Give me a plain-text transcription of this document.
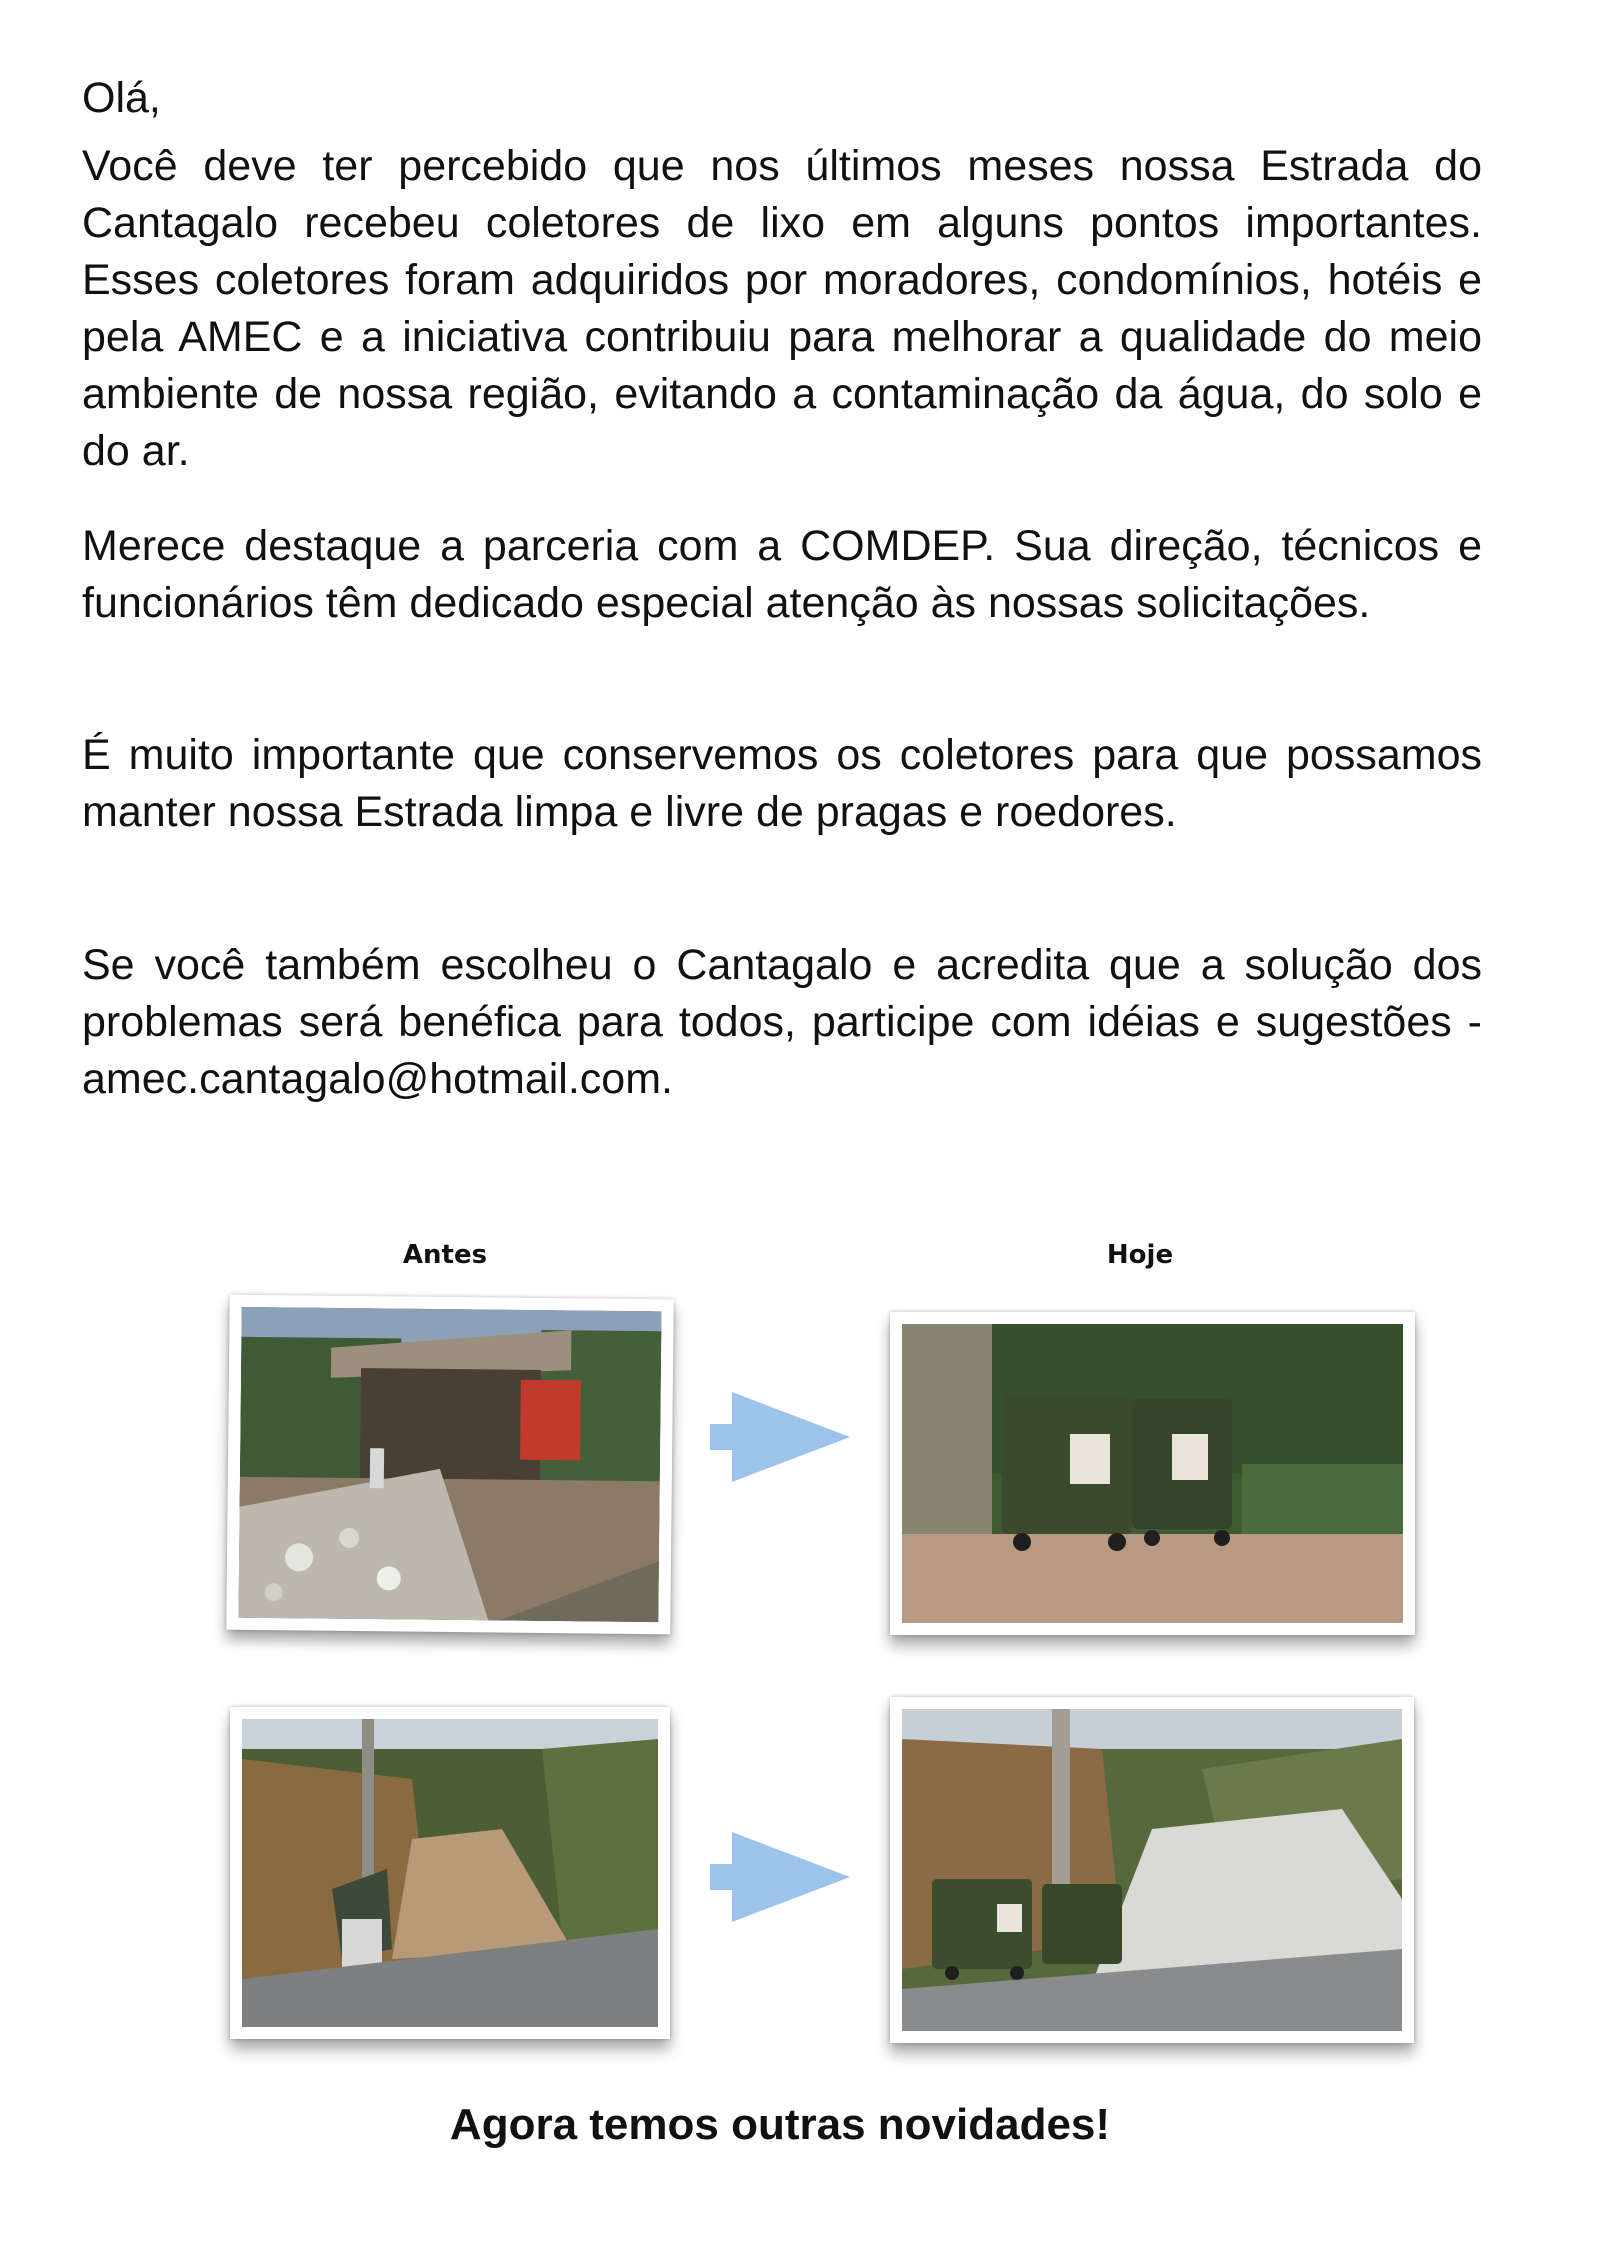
Olá,
Você deve ter percebido que nos últimos meses nossa Estrada do Cantagalo recebeu coletores de lixo em alguns pontos importantes. Esses coletores foram adquiridos por moradores, condomínios, hotéis e pela AMEC e a iniciativa contribuiu para melhorar a qualidade do meio ambiente de nossa região, evitando a contaminação da água, do solo e do ar.
Merece destaque a parceria com a COMDEP. Sua direção, técnicos e funcionários têm dedicado especial atenção às nossas solicitações.
É muito importante que conservemos os coletores para que possamos manter nossa Estrada limpa e livre de pragas e roedores.
Se você também escolheu o Cantagalo e acredita que a solução dos problemas será benéfica para todos, participe com idéias e sugestões - amec.cantagalo@hotmail.com.
Antes	Hoje
Agora temos outras novidades!
